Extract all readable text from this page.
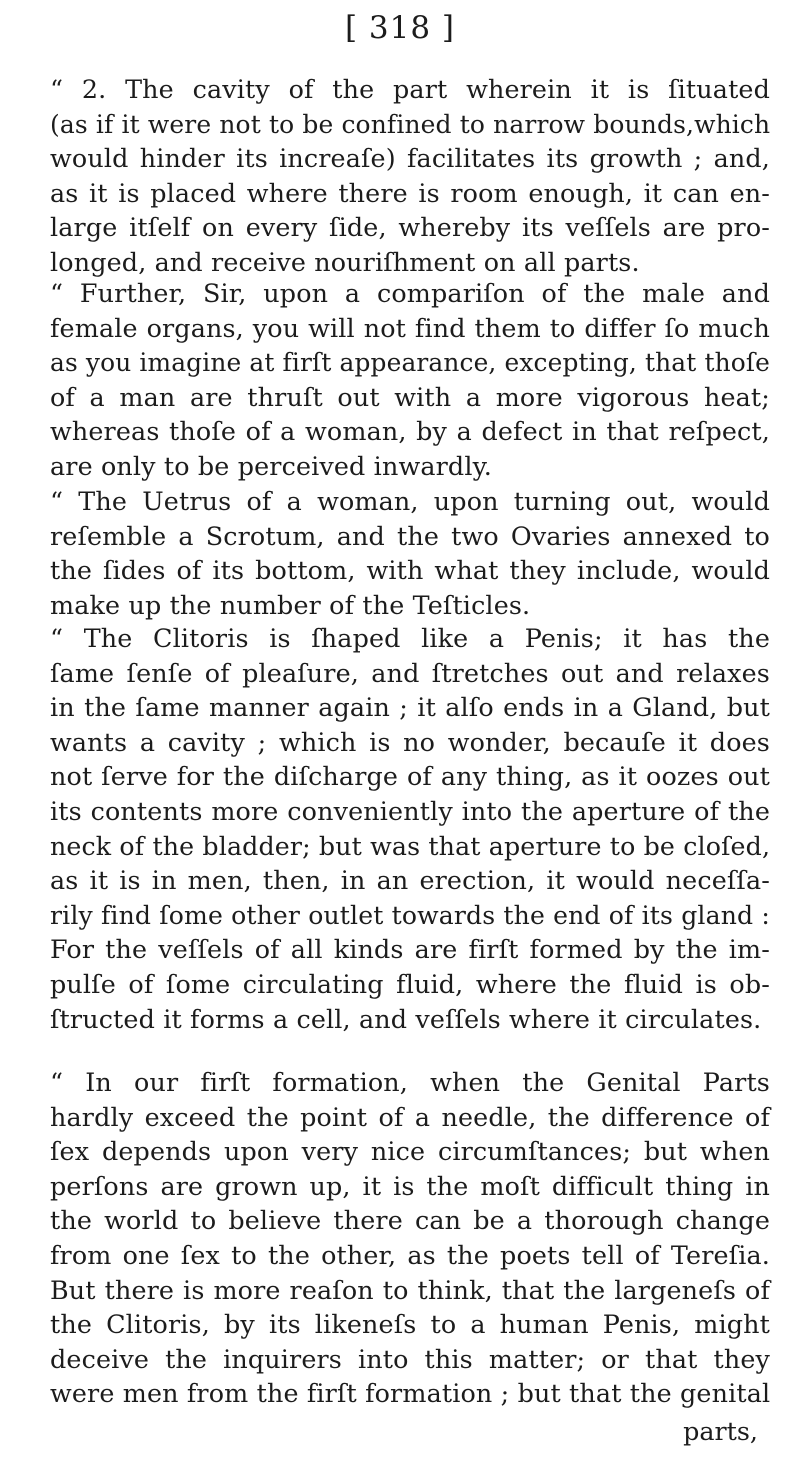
[ 318 ]
“ 2. The cavity of the part wherein it is ſituated
(as if it were not to be confined to narrow bounds,which
would hinder its increaſe) facilitates its growth ; and,
as it is placed where there is room enough, it can en-
large itſelf on every ſide, whereby its veſſels are pro-
longed, and receive nouriſhment on all parts.
“ Further, Sir, upon a compariſon of the male and
female organs, you will not find them to differ ſo much
as you imagine at firſt appearance, excepting, that thoſe
of a man are thruſt out with a more vigorous heat;
whereas thoſe of a woman, by a defect in that reſpect,
are only to be perceived inwardly.
“ The Uetrus of a woman, upon turning out, would
reſemble a Scrotum, and the two Ovaries annexed to
the ſides of its bottom, with what they include, would
make up the number of the Teſticles.
“ The Clitoris is ſhaped like a Penis; it has the
ſame ſenſe of pleaſure, and ſtretches out and relaxes
in the ſame manner again ; it alſo ends in a Gland, but
wants a cavity ; which is no wonder, becauſe it does
not ſerve for the diſcharge of any thing, as it oozes out
its contents more conveniently into the aperture of the
neck of the bladder; but was that aperture to be cloſed,
as it is in men, then, in an erection, it would neceſſa-
rily find ſome other outlet towards the end of its gland :
For the veſſels of all kinds are firſt formed by the im-
pulſe of ſome circulating fluid, where the fluid is ob-
ſtructed it forms a cell, and veſſels where it circulates.
“ In our firſt formation, when the Genital Parts
hardly exceed the point of a needle, the difference of
ſex depends upon very nice circumſtances; but when
perſons are grown up, it is the moſt difficult thing in
the world to believe there can be a thorough change
from one ſex to the other, as the poets tell of Tereſia.
But there is more reaſon to think, that the largeneſs of
the Clitoris, by its likeneſs to a human Penis, might
deceive the inquirers into this matter; or that they
were men from the firſt formation ; but that the genital
parts,
